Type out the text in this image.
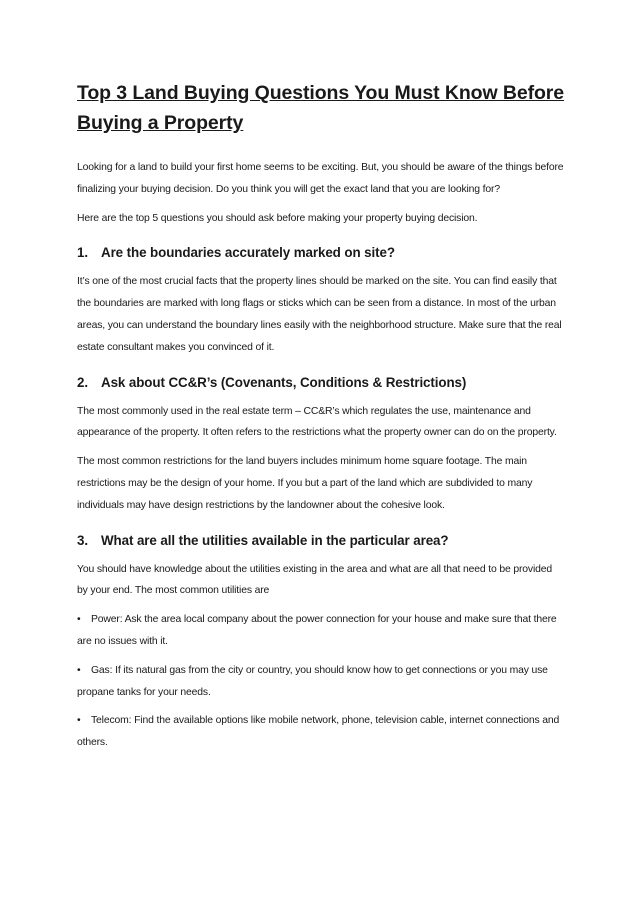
Top 3 Land Buying Questions You Must Know Before Buying a Property

Looking for a land to build your first home seems to be exciting. But, you should be aware of the things before finalizing your buying decision. Do you think you will get the exact land that you are looking for?

Here are the top 5 questions you should ask before making your property buying decision.

1. Are the boundaries accurately marked on site?

It’s one of the most crucial facts that the property lines should be marked on the site. You can find easily that the boundaries are marked with long flags or sticks which can be seen from a distance. In most of the urban areas, you can understand the boundary lines easily with the neighborhood structure. Make sure that the real estate consultant makes you convinced of it.

2. Ask about CC&R’s (Covenants, Conditions & Restrictions)

The most commonly used in the real estate term – CC&R’s which regulates the use, maintenance and appearance of the property. It often refers to the restrictions what the property owner can do on the property.

The most common restrictions for the land buyers includes minimum home square footage. The main restrictions may be the design of your home. If you but a part of the land which are subdivided to many individuals may have design restrictions by the landowner about the cohesive look.

3. What are all the utilities available in the particular area?

You should have knowledge about the utilities existing in the area and what are all that need to be provided by your end. The most common utilities are

• Power: Ask the area local company about the power connection for your house and make sure that there are no issues with it.

• Gas: If its natural gas from the city or country, you should know how to get connections or you may use propane tanks for your needs.

• Telecom: Find the available options like mobile network, phone, television cable, internet connections and others.
